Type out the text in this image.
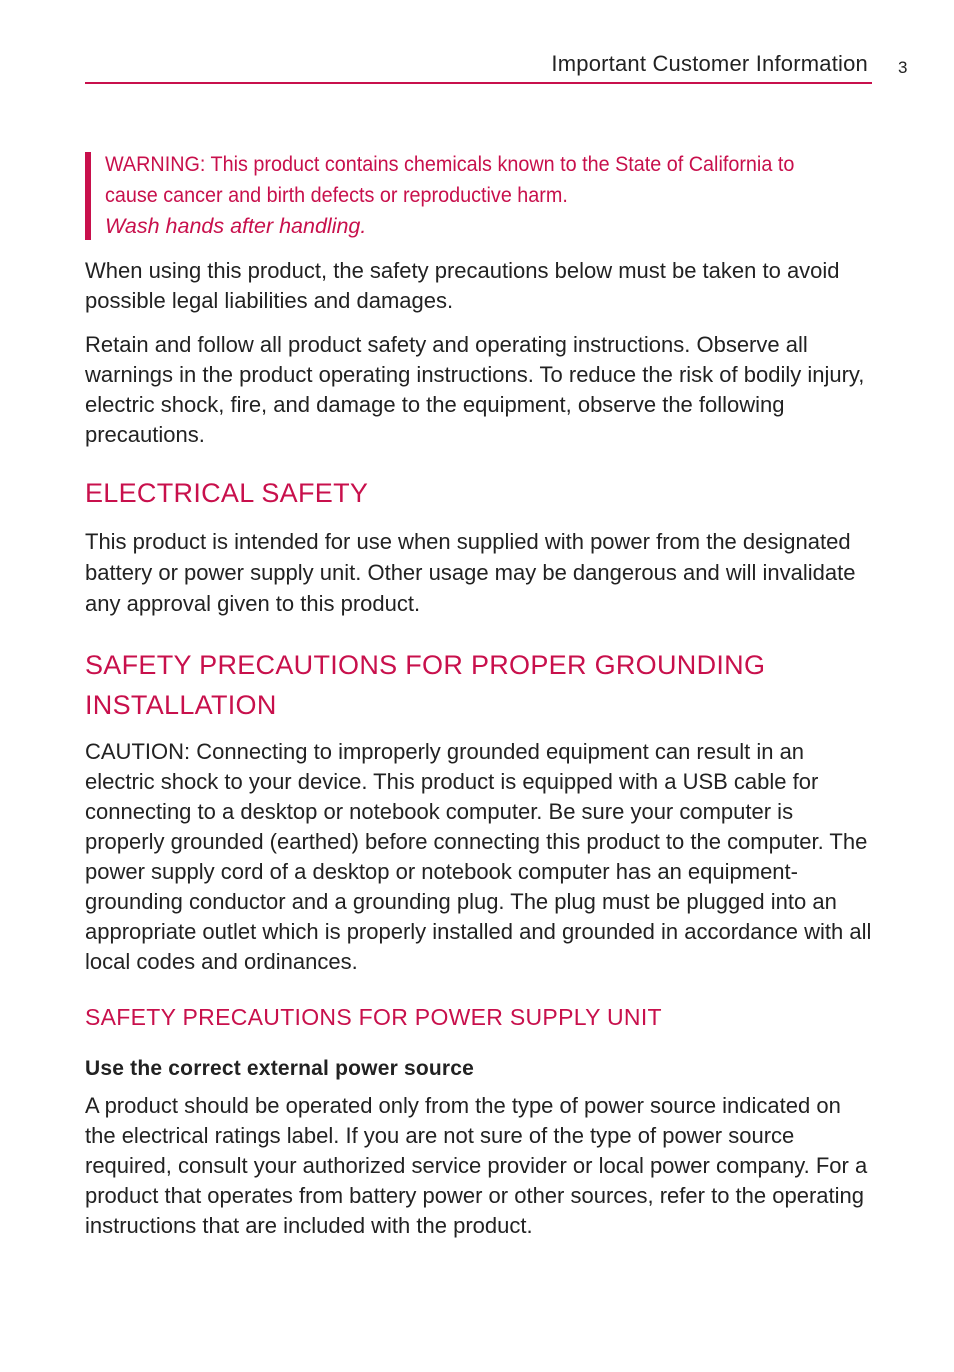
Important Customer Information 3
WARNING: This product contains chemicals known to the State of California to cause cancer and birth defects or reproductive harm.
Wash hands after handling.

When using this product, the safety precautions below must be taken to avoid possible legal liabilities and damages.

Retain and follow all product safety and operating instructions. Observe all warnings in the product operating instructions. To reduce the risk of bodily injury, electric shock, fire, and damage to the equipment, observe the following precautions.

ELECTRICAL SAFETY

This product is intended for use when supplied with power from the designated battery or power supply unit. Other usage may be dangerous and will invalidate any approval given to this product.

SAFETY PRECAUTIONS FOR PROPER GROUNDING
INSTALLATION

CAUTION: Connecting to improperly grounded equipment can result in an electric shock to your device. This product is equipped with a USB cable for connecting to a desktop or notebook computer. Be sure your computer is properly grounded (earthed) before connecting this product to the computer. The power supply cord of a desktop or notebook computer has an equipment-grounding conductor and a grounding plug. The plug must be plugged into an appropriate outlet which is properly installed and grounded in accordance with all local codes and ordinances.

SAFETY PRECAUTIONS FOR POWER SUPPLY UNIT
Use the correct external power source

A product should be operated only from the type of power source indicated on the electrical ratings label. If you are not sure of the type of power source required, consult your authorized service provider or local power company. For a product that operates from battery power or other sources, refer to the operating instructions that are included with the product.
